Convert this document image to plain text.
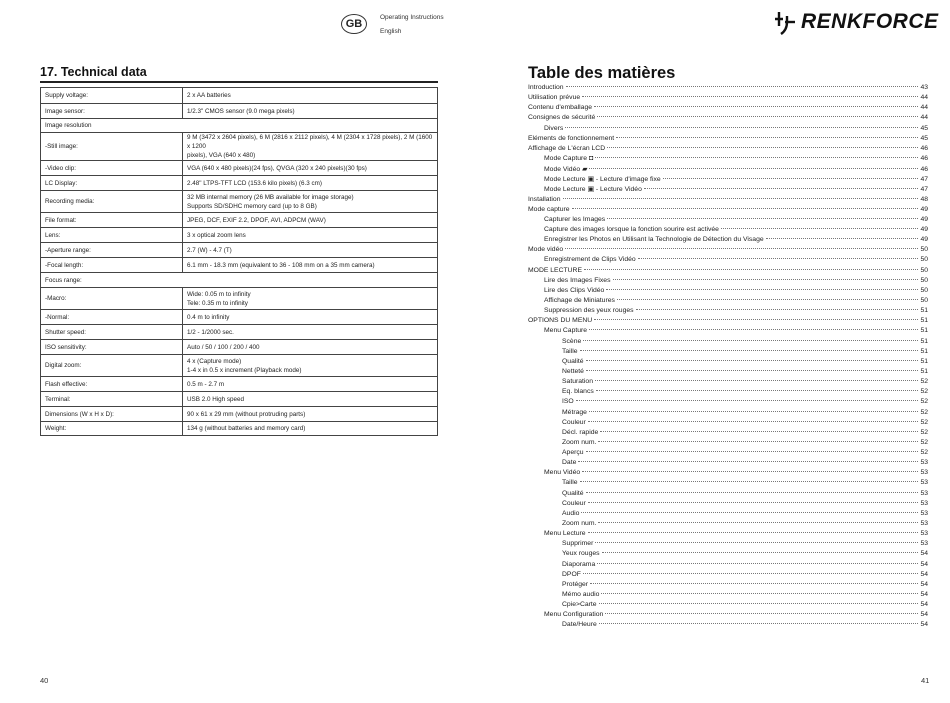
GB
Operating Instructions
English
17. Technical data
Supply voltage:	2 x AA batteries

Image sensor:	1/2.3" CMOS sensor (9.0 mega pixels)

Image resolution	
-Still image:	9 M (3472 x 2604 pixels), 6 M (2816 x 2112 pixels), 4 M (2304 x 1728 pixels), 2 M (1600 x 1200
pixels), VGA (640 x 480)

-Video clip:	VGA (640 x 480 pixels)(24 fps), QVGA (320 x 240 pixels)(30 fps)

LC Display:	2.48" LTPS-TFT LCD (153.6 kilo pixels) (6.3 cm)

Recording media:	32 MB internal memory (26 MB available for image storage)
Supports SD/SDHC memory card (up to 8 GB)

File format:	JPEG, DCF, EXIF 2.2, DPOF, AVI, ADPCM (WAV)

Lens:	3 x optical zoom lens

-Aperture range:	2.7 (W) - 4.7 (T)

-Focal length:	6.1 mm - 18.3 mm (equivalent to 36 - 108 mm on a 35 mm camera)

Focus range:	
-Macro:	Wide: 0.05 m to infinity
Tele: 0.35 m to infinity

-Normal:	0.4 m to infinity

Shutter speed:	1/2 - 1/2000 sec.

ISO sensitivity:	Auto / 50 / 100 / 200 / 400

Digital zoom:	4 x (Capture mode)
1-4 x in 0.5 x increment (Playback mode)

Flash effective:	0.5 m - 2.7 m

Terminal:	USB 2.0 High speed

Dimensions (W x H x D):	90 x 61 x 29 mm (without protruding parts)

Weight:	134 g (without batteries and memory card)
40
RENKFORCE
Table des matières
Introduction	43
Utilisation prévue	44
Contenu d'emballage	44
Consignes de sécurité	44
Divers	45
Eléments de fonctionnement	45
Affichage de L'écran LCD	46
Mode Capture ◘	46
Mode Vidéo ▰	46
Mode Lecture ▣ - Lecture d'image fixe	47
Mode Lecture ▣ - Lecture Vidéo	47
Installation	48
Mode capture	49
Capturer les Images	49
Capture des images lorsque la fonction sourire est activée	49
Enregistrer les Photos en Utilisant la Technologie de Détection du Visage	49
Mode vidéo	50
Enregistrement de Clips Vidéo	50
MODE LECTURE	50
Lire des Images Fixes	50
Lire des Clips Vidéo	50
Affichage de Miniatures	50
Suppression des yeux rouges	51
OPTIONS DU MENU	51
Menu Capture	51
Scène	51
Taille	51
Qualité	51
Netteté	51
Saturation	52
Eq. blancs	52
ISO	52
Métrage	52
Couleur	52
Décl. rapide	52
Zoom num.	52
Aperçu	52
Date	53
Menu Vidéo	53
Taille	53
Qualité	53
Couleur	53
Audio	53
Zoom num.	53
Menu Lecture	53
Supprimer	53
Yeux rouges	54
Diaporama	54
DPOF	54
Protéger	54
Mémo audio	54
Cpie>Carte	54
Menu Configuration	54
Date/Heure	54
41
